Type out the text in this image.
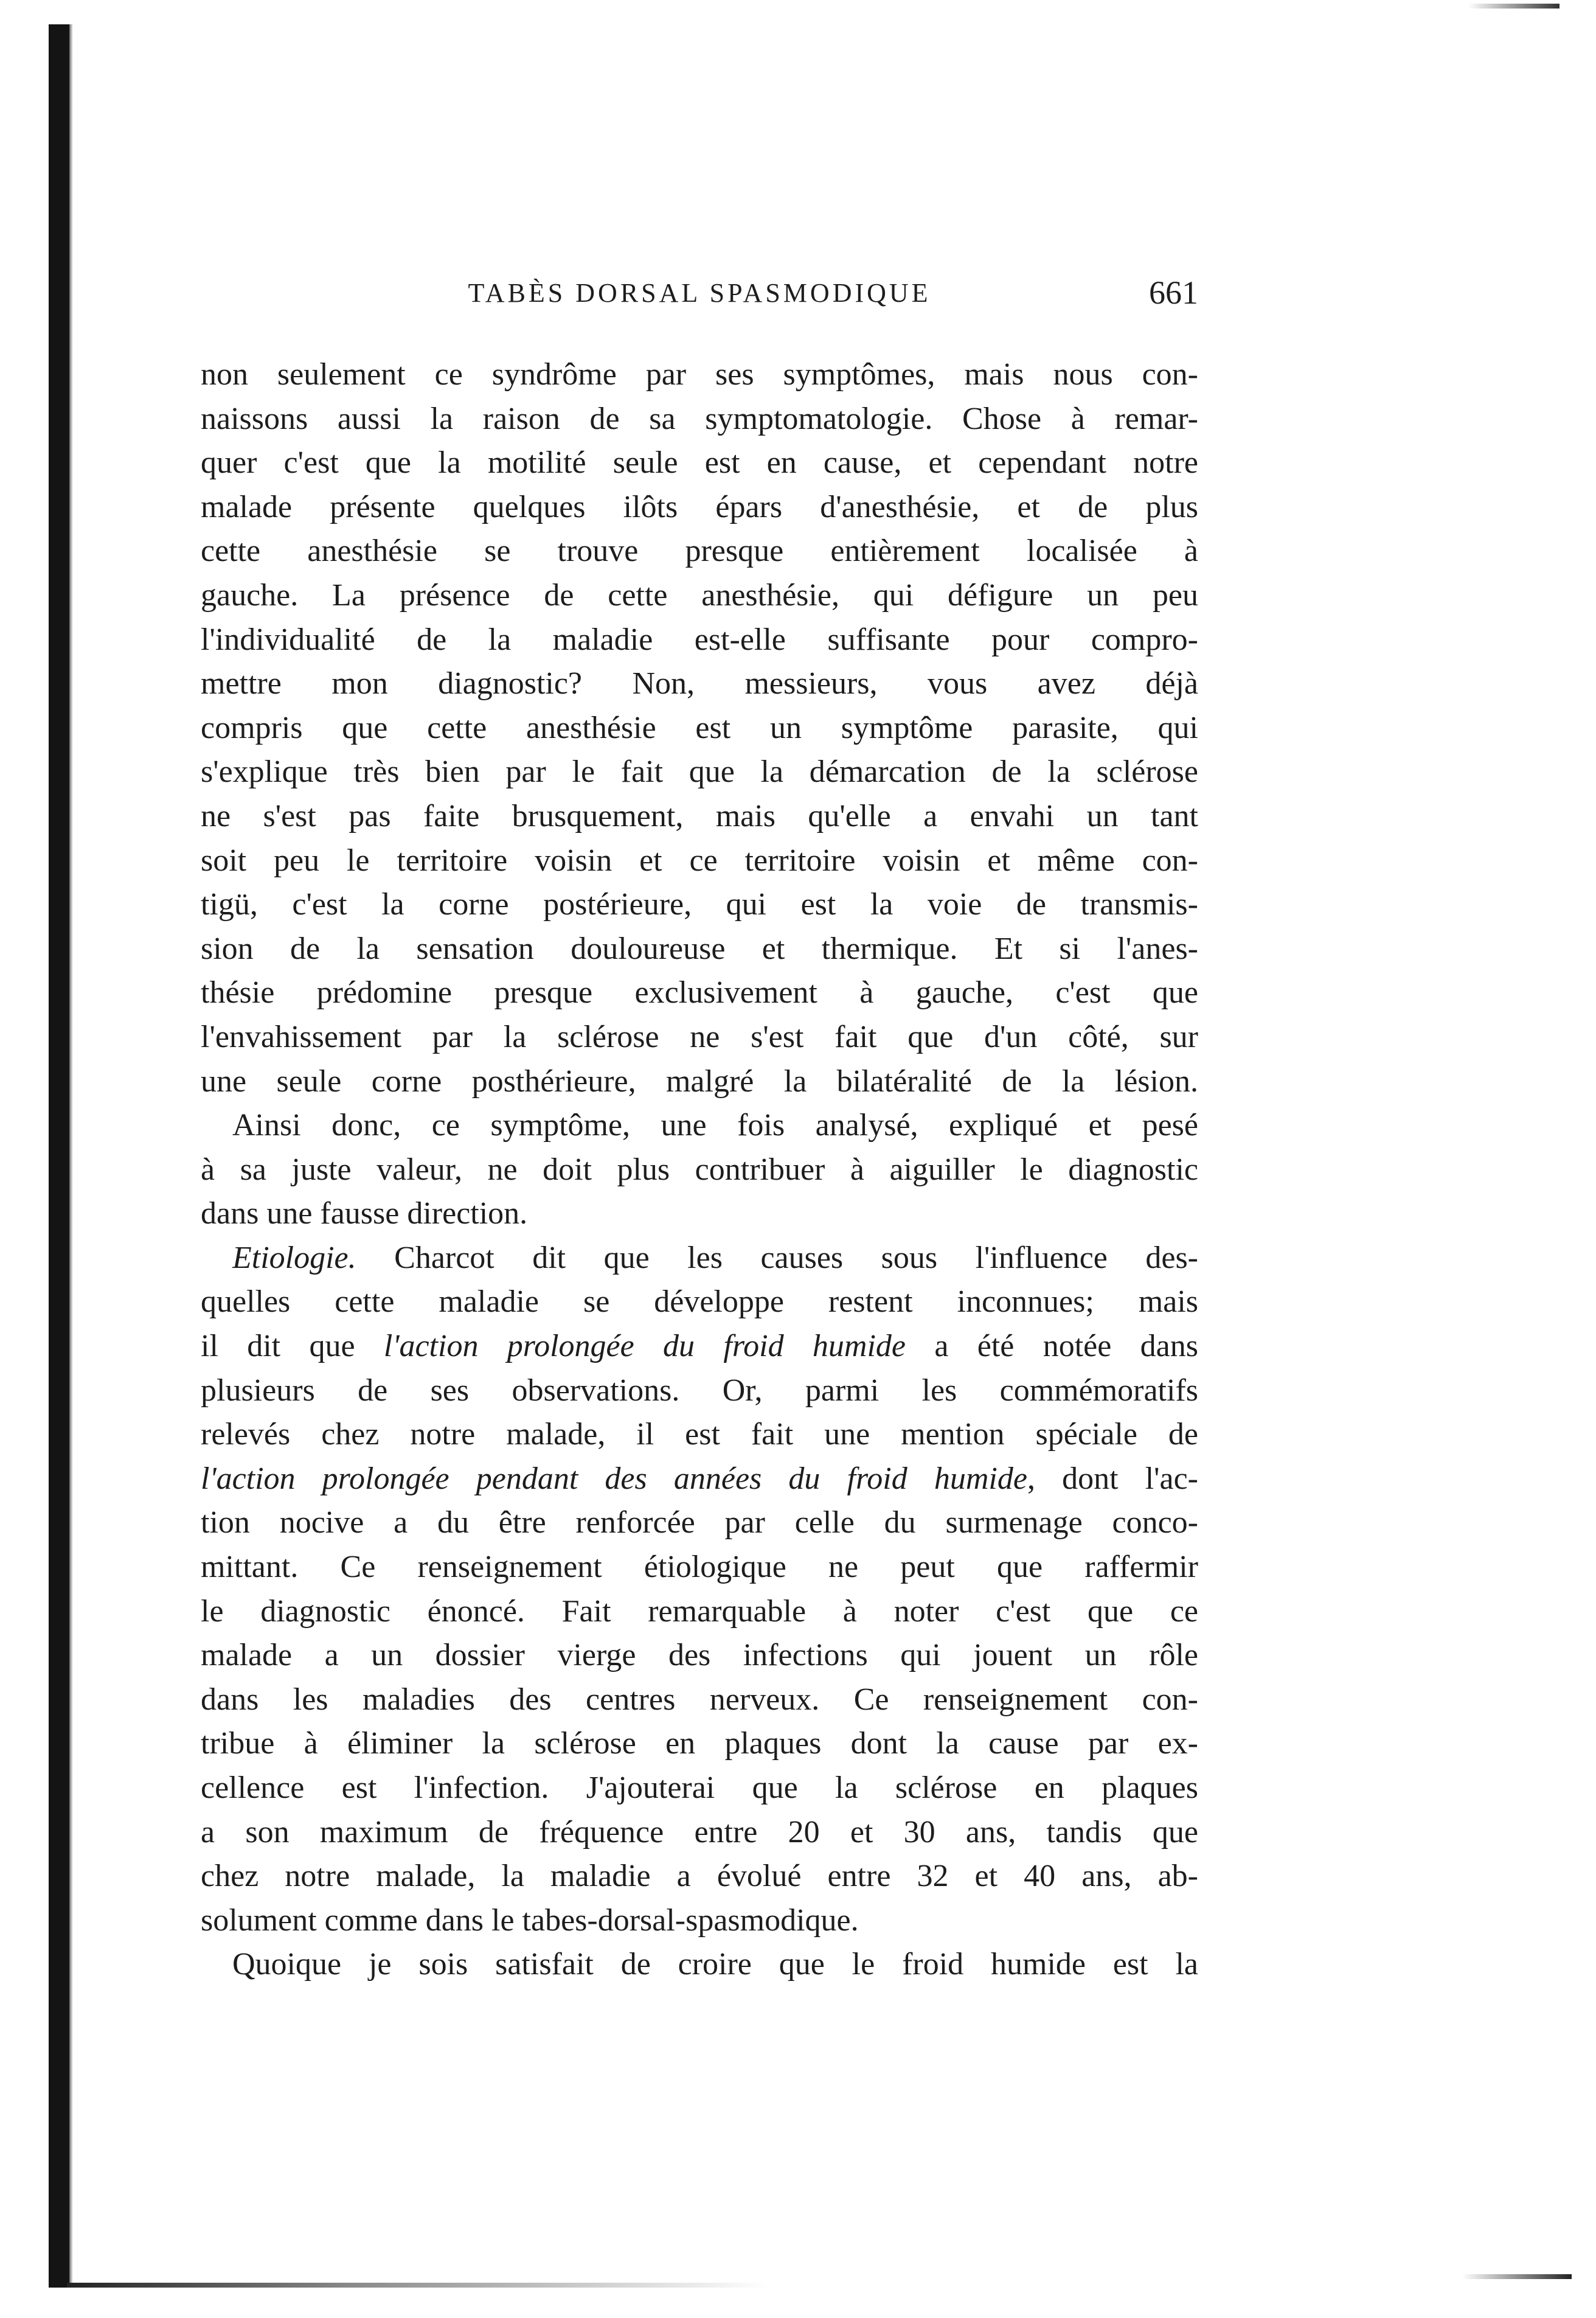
TABÈS DORSAL SPASMODIQUE	661
non seulement ce syndrôme par ses symptômes, mais nous con-
naissons aussi la raison de sa symptomatologie. Chose à remar-
quer c'est que la motilité seule est en cause, et cependant notre
malade présente quelques ilôts épars d'anesthésie, et de plus
cette anesthésie se trouve presque entièrement localisée à
gauche. La présence de cette anesthésie, qui défigure un peu
l'individualité de la maladie est-elle suffisante pour compro-
mettre mon diagnostic? Non, messieurs, vous avez déjà
compris que cette anesthésie est un symptôme parasite, qui
s'explique très bien par le fait que la démarcation de la sclérose
ne s'est pas faite brusquement, mais qu'elle a envahi un tant
soit peu le territoire voisin et ce territoire voisin et même con-
tigü, c'est la corne postérieure, qui est la voie de transmis-
sion de la sensation douloureuse et thermique. Et si l'anes-
thésie prédomine presque exclusivement à gauche, c'est que
l'envahissement par la sclérose ne s'est fait que d'un côté, sur
une seule corne posthérieure, malgré la bilatéralité de la lésion.
Ainsi donc, ce symptôme, une fois analysé, expliqué et pesé
à sa juste valeur, ne doit plus contribuer à aiguiller le diagnostic
dans une fausse direction.
Etiologie. Charcot dit que les causes sous l'influence des-
quelles cette maladie se développe restent inconnues; mais
il dit que l'action prolongée du froid humide a été notée dans
plusieurs de ses observations. Or, parmi les commémoratifs
relevés chez notre malade, il est fait une mention spéciale de
l'action prolongée pendant des années du froid humide, dont l'ac-
tion nocive a du être renforcée par celle du surmenage conco-
mittant. Ce renseignement étiologique ne peut que raffermir
le diagnostic énoncé. Fait remarquable à noter c'est que ce
malade a un dossier vierge des infections qui jouent un rôle
dans les maladies des centres nerveux. Ce renseignement con-
tribue à éliminer la sclérose en plaques dont la cause par ex-
cellence est l'infection. J'ajouterai que la sclérose en plaques
a son maximum de fréquence entre 20 et 30 ans, tandis que
chez notre malade, la maladie a évolué entre 32 et 40 ans, ab-
solument comme dans le tabes-dorsal-spasmodique.
Quoique je sois satisfait de croire que le froid humide est la
